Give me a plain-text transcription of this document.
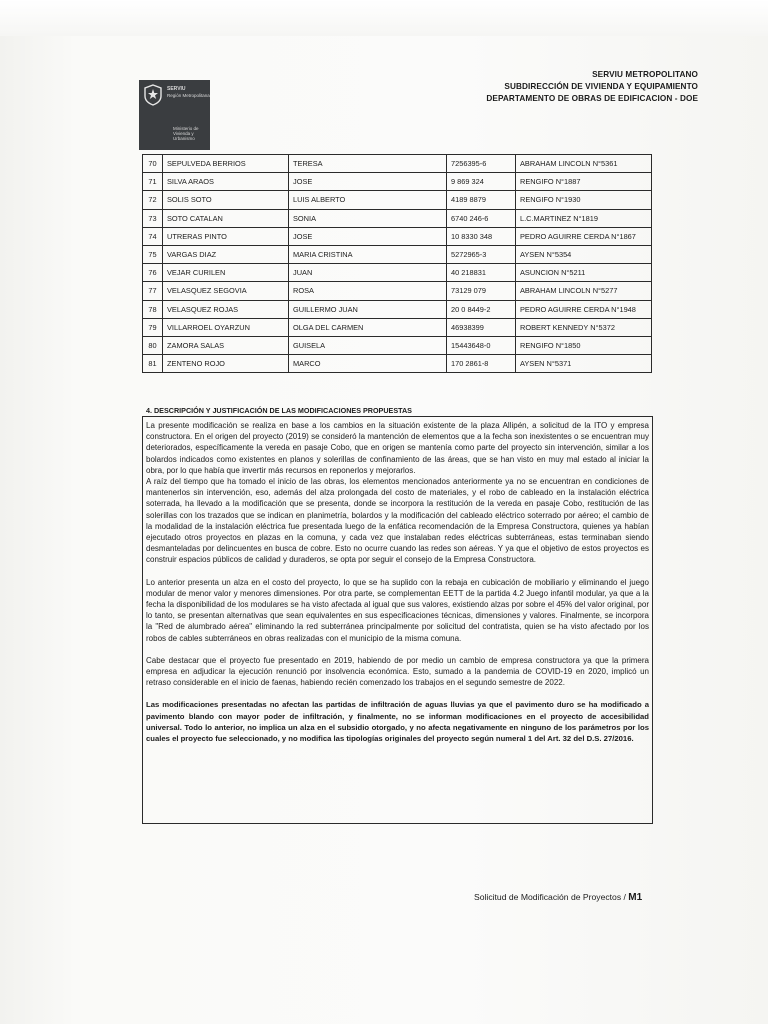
SERVIU
Región Metropolitana
Ministerio de Vivienda y Urbanismo
SERVIU METROPOLITANO
SUBDIRECCIÓN DE VIVIENDA Y EQUIPAMIENTO
DEPARTAMENTO DE OBRAS DE EDIFICACION - DOE
70	SEPULVEDA BERRIOS	TERESA	7256395-6	ABRAHAM LINCOLN N°5361
71	SILVA ARAOS	JOSE	9 869 324	RENGIFO N°1887
72	SOLIS SOTO	LUIS ALBERTO	4189 8879	RENGIFO N°1930
73	SOTO CATALAN	SONIA	6740 246-6	L.C.MARTINEZ N°1819
74	UTRERAS PINTO	JOSE	10 8330 348	PEDRO AGUIRRE CERDA N°1867
75	VARGAS DIAZ	MARIA CRISTINA	5272965-3	AYSEN N°5354
76	VEJAR CURILEN	JUAN	40 218831	ASUNCION N°5211
77	VELASQUEZ SEGOVIA	ROSA	73129 079	ABRAHAM LINCOLN N°5277
78	VELASQUEZ ROJAS	GUILLERMO JUAN	20 0 8449-2	PEDRO AGUIRRE CERDA N°1948
79	VILLARROEL OYARZUN	OLGA DEL CARMEN	46938399	ROBERT KENNEDY N°5372
80	ZAMORA SALAS	GUISELA	15443648-0	RENGIFO N°1850
81	ZENTENO ROJO	MARCO	170 2861-8	AYSEN N°5371
4. DESCRIPCIÓN Y JUSTIFICACIÓN DE LAS MODIFICACIONES PROPUESTAS

La presente modificación se realiza en base a los cambios en la situación existente de la plaza Allipén, a solicitud de la ITO y empresa constructora. En el origen del proyecto (2019) se consideró la mantención de elementos que a la fecha son inexistentes o se encuentran muy deteriorados, específicamente la vereda en pasaje Cobo, que en origen se mantenía como parte del proyecto sin intervención, similar a los bolardos indicados como existentes en planos y solerillas de confinamiento de las áreas, que se han visto en muy mal estado al iniciar la obra, por lo que había que invertir más recursos en reponerlos y mejorarlos.

A raíz del tiempo que ha tomado el inicio de las obras, los elementos mencionados anteriormente ya no se encuentran en condiciones de mantenerlos sin intervención, eso, además del alza prolongada del costo de materiales, y el robo de cableado en la instalación eléctrica soterrada, ha llevado a la modificación que se presenta, donde se incorpora la restitución de la vereda en pasaje Cobo, restitución de las solerillas con los trazados que se indican en planimetría, bolardos y la modificación del cableado eléctrico soterrado por aéreo; el cambio de la modalidad de la instalación eléctrica fue presentada luego de la enfática recomendación de la Empresa Constructora, quienes ya habían ejecutado otros proyectos en plazas en la comuna, y cada vez que instalaban redes eléctricas subterráneas, estas terminaban siendo desmanteladas por delincuentes en busca de cobre. Esto no ocurre cuando las redes son aéreas. Y ya que el objetivo de estos proyectos es construir espacios públicos de calidad y duraderos, se opta por seguir el consejo de la Empresa Constructora.

Lo anterior presenta un alza en el costo del proyecto, lo que se ha suplido con la rebaja en cubicación de mobiliario y eliminando el juego modular de menor valor y menores dimensiones. Por otra parte, se complementan EETT de la partida 4.2 Juego infantil modular, ya que a la fecha la disponibilidad de los modulares se ha visto afectada al igual que sus valores, existiendo alzas por sobre el 45% del valor original, por lo tanto, se presentan alternativas que sean equivalentes en sus especificaciones técnicas, dimensiones y valores. Finalmente, se incorpora la "Red de alumbrado aérea" eliminando la red subterránea principalmente por solicitud del contratista, quien se ha visto afectado por los robos de cables subterráneos en obras realizadas con el municipio de la misma comuna.

Cabe destacar que el proyecto fue presentado en 2019, habiendo de por medio un cambio de empresa constructora ya que la primera empresa en adjudicar la ejecución renunció por insolvencia económica. Esto, sumado a la pandemia de COVID-19 en 2020, implicó un retraso considerable en el inicio de faenas, habiendo recién comenzado los trabajos en el segundo semestre de 2022.

Las modificaciones presentadas no afectan las partidas de infiltración de aguas lluvias ya que el pavimento duro se ha modificado a pavimento blando con mayor poder de infiltración, y finalmente, no se informan modificaciones en el proyecto de accesibilidad universal. Todo lo anterior, no implica un alza en el subsidio otorgado, y no afecta negativamente en ninguno de los parámetros por los cuales el proyecto fue seleccionado, y no modifica las tipologías originales del proyecto según numeral 1 del Art. 32 del D.S. 27/2016.

Solicitud de Modificación de Proyectos / M1
